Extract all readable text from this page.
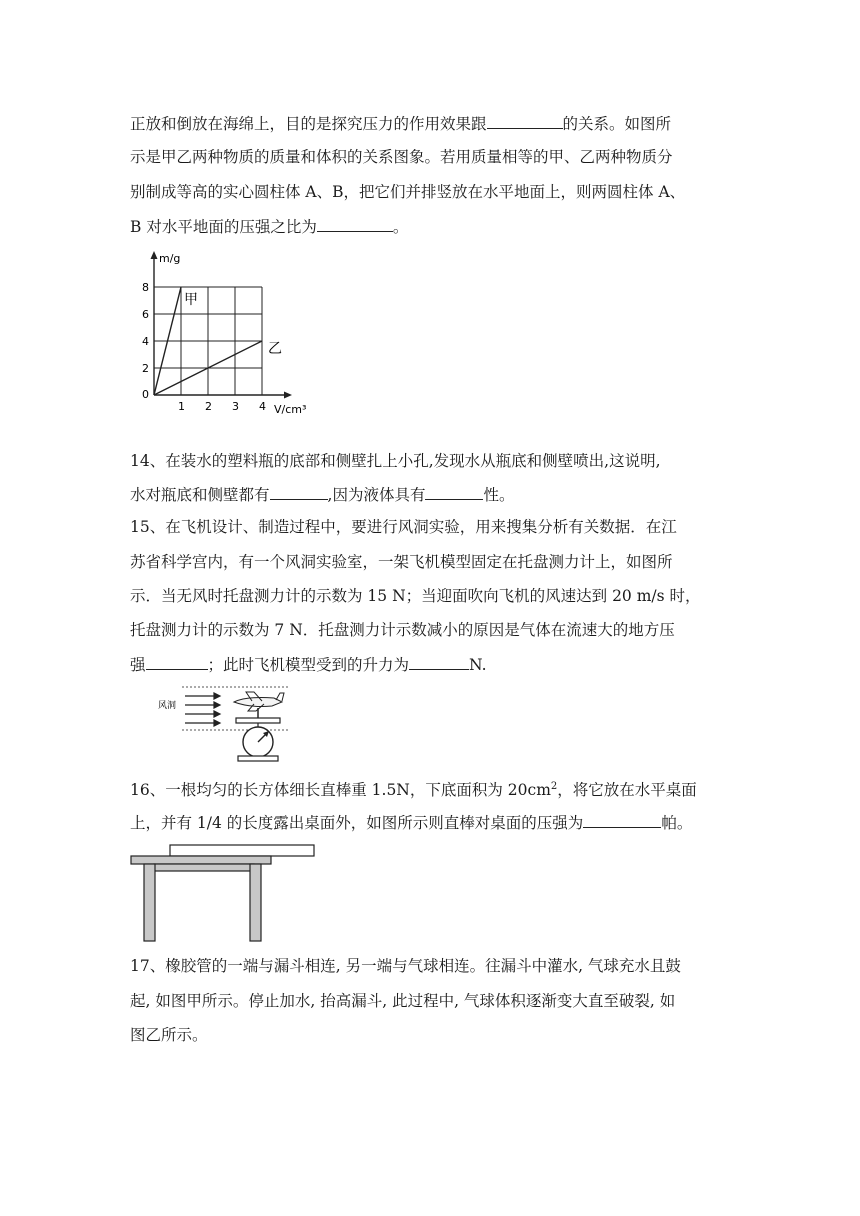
正放和倒放在海绵上，目的是探究压力的作用效果跟	的关系。如图所
示是甲乙两种物质的质量和体积的关系图象。若用质量相等的甲、乙两种物质分
别制成等高的实心圆柱体 A、B，把它们并排竖放在水平地面上，则两圆柱体 A、
B 对水平地面的压强之比为	。
甲
乙
1 2 3 4
2
4
6
8
0
m/g
V/cm³
14、在装水的塑料瓶的底部和侧壁扎上小孔,发现水从瓶底和侧壁喷出,这说明,
水对瓶底和侧壁都有	,因为液体具有	性。
15、在飞机设计、制造过程中，要进行风洞实验，用来搜集分析有关数据．在江
苏省科学宫内，有一个风洞实验室，一架飞机模型固定在托盘测力计上，如图所
示．当无风时托盘测力计的示数为 15 N；当迎面吹向飞机的风速达到 20 m/s 时，
托盘测力计的示数为 7 N．托盘测力计示数减小的原因是气体在流速大的地方压
强	；此时飞机模型受到的升力为	N.
风洞
16、一根均匀的长方体细长直棒重 1.5N，下底面积为 $20cm^2$，将它放在水平桌面
上，并有 1/4 的长度露出桌面外，如图所示则直棒对桌面的压强为	帕。
17、橡胶管的一端与漏斗相连, 另一端与气球相连。往漏斗中灌水, 气球充水且鼓
起, 如图甲所示。停止加水, 抬高漏斗, 此过程中, 气球体积逐渐变大直至破裂, 如
图乙所示。
